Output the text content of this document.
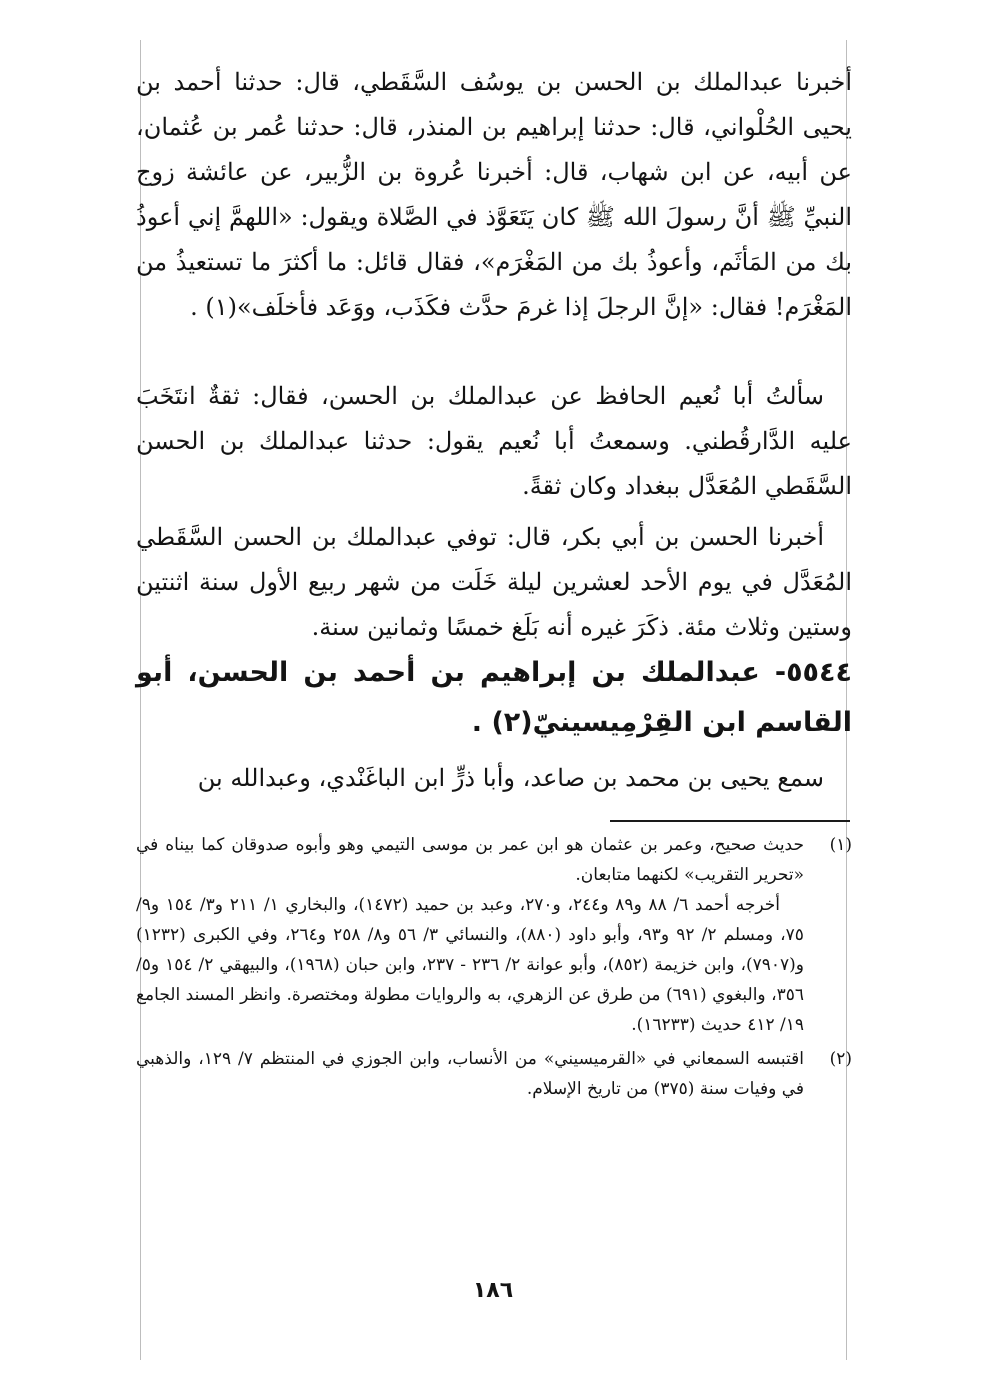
أخبرنا عبدالملك بن الحسن بن يوسُف السَّقَطي، قال: حدثنا أحمد بن يحيى الحُلْواني، قال: حدثنا إبراهيم بن المنذر، قال: حدثنا عُمر بن عُثمان، عن أبيه، عن ابن شهاب، قال: أخبرنا عُروة بن الزُّبير، عن عائشة زوج النبيِّ ﷺ أنَّ رسولَ الله ﷺ كان يَتَعَوَّذ في الصَّلاة ويقول: «اللهمَّ إني أعوذُ بك من المَأثَم، وأعوذُ بك من المَغْرَم»، فقال قائل: ما أكثرَ ما تستعيذُ من المَغْرَم! فقال: «إنَّ الرجلَ إذا غرمَ حدَّث فكَذَب، ووَعَد فأخلَف»(١) .

سألتُ أبا نُعيم الحافظ عن عبدالملك بن الحسن، فقال: ثقةٌ انتَخَبَ عليه الدَّارقُطني. وسمعتُ أبا نُعيم يقول: حدثنا عبدالملك بن الحسن السَّقَطي المُعَدَّل ببغداد وكان ثقةً.

أخبرنا الحسن بن أبي بكر، قال: توفي عبدالملك بن الحسن السَّقَطي المُعَدَّل في يوم الأحد لعشرين ليلة خَلَت من شهر ربيع الأول سنة اثنتين وستين وثلاث مئة. ذكَرَ غيره أنه بَلَغ خمسًا وثمانين سنة.

٥٥٤٤- عبدالملك بن إبراهيم بن أحمد بن الحسن، أبو القاسم ابن القِرْمِيسينيّ(٢) .

سمع يحيى بن محمد بن صاعد، وأبا ذرٍّ ابن الباغَنْدي، وعبدالله بن

(١)

حديث صحيح، وعمر بن عثمان هو ابن عمر بن موسى التيمي وهو وأبوه صدوقان كما بيناه في «تحرير التقريب» لكنهما متابعان.

أخرجه أحمد ٦/ ٨٨ و٨٩ و٢٤٤، و٢٧٠، وعبد بن حميد (١٤٧٢)، والبخاري ١/ ٢١١ و٣/ ١٥٤ و٩/ ٧٥، ومسلم ٢/ ٩٢ و٩٣، وأبو داود (٨٨٠)، والنسائي ٣/ ٥٦ و٨/ ٢٥٨ و٢٦٤، وفي الكبرى (١٢٣٢) و(٧٩٠٧)، وابن خزيمة (٨٥٢)، وأبو عوانة ٢/ ٢٣٦ - ٢٣٧، وابن حبان (١٩٦٨)، والبيهقي ٢/ ١٥٤ و٥/ ٣٥٦، والبغوي (٦٩١) من طرق عن الزهري، به والروايات مطولة ومختصرة. وانظر المسند الجامع ١٩/ ٤١٢ حديث (١٦٢٣٣).

(٢)

اقتبسه السمعاني في «القرميسيني» من الأنساب، وابن الجوزي في المنتظم ٧/ ١٢٩، والذهبي في وفيات سنة (٣٧٥) من تاريخ الإسلام.

١٨٦
